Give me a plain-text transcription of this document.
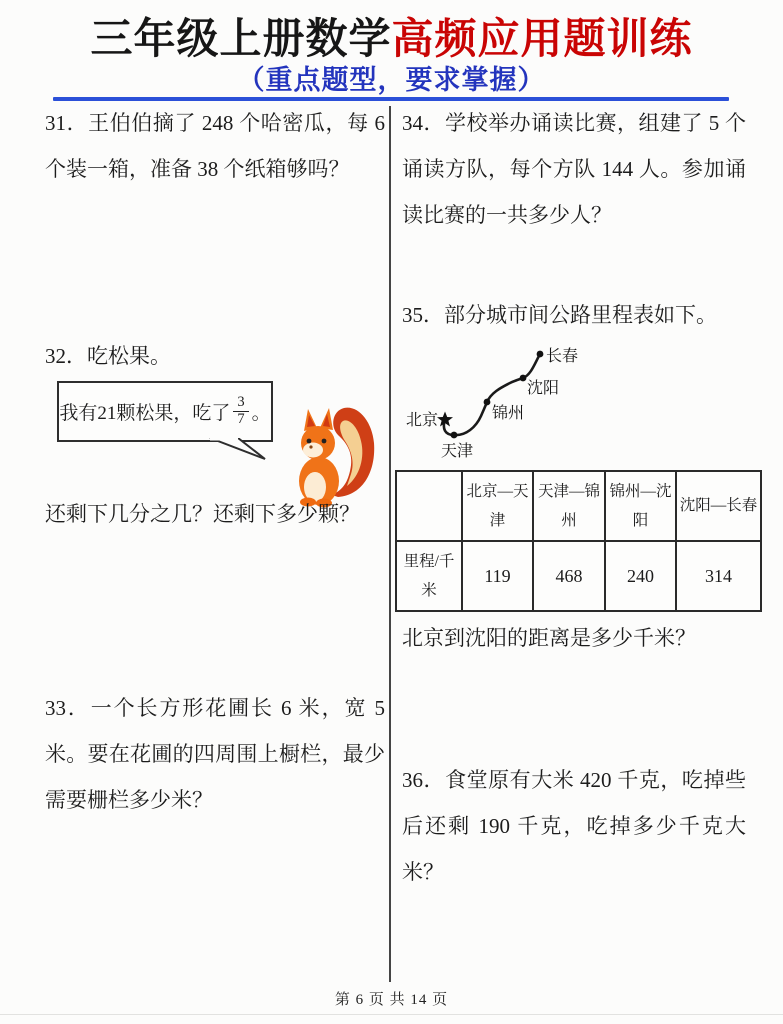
三年级上册数学高频应用题训练
（重点题型，要求掌握）
31．王伯伯摘了 248 个哈密瓜，每 6 个装一箱，准备 38 个纸箱够吗？
32．吃松果。
我有21颗松果，吃了 $\frac{3}{7}$ 。
还剩下几分之几？还剩下多少颗？
33．一个长方形花圃长 6 米，宽 5 米。要在花圃的四周围上橱栏，最少需要栅栏多少米？
34．学校举办诵读比赛，组建了 5 个诵读方队，每个方队 144 人。参加诵读比赛的一共多少人？
35．部分城市间公路里程表如下。
北京
天津
锦州
沈阳
长春
	北京—天津	天津—锦州	锦州—沈阳	沈阳—长春
里程/千米	119	468	240	314
北京到沈阳的距离是多少千米？
36．食堂原有大米 420 千克，吃掉些后还剩 190 千克，吃掉多少千克大米？
第 6 页 共 14 页
